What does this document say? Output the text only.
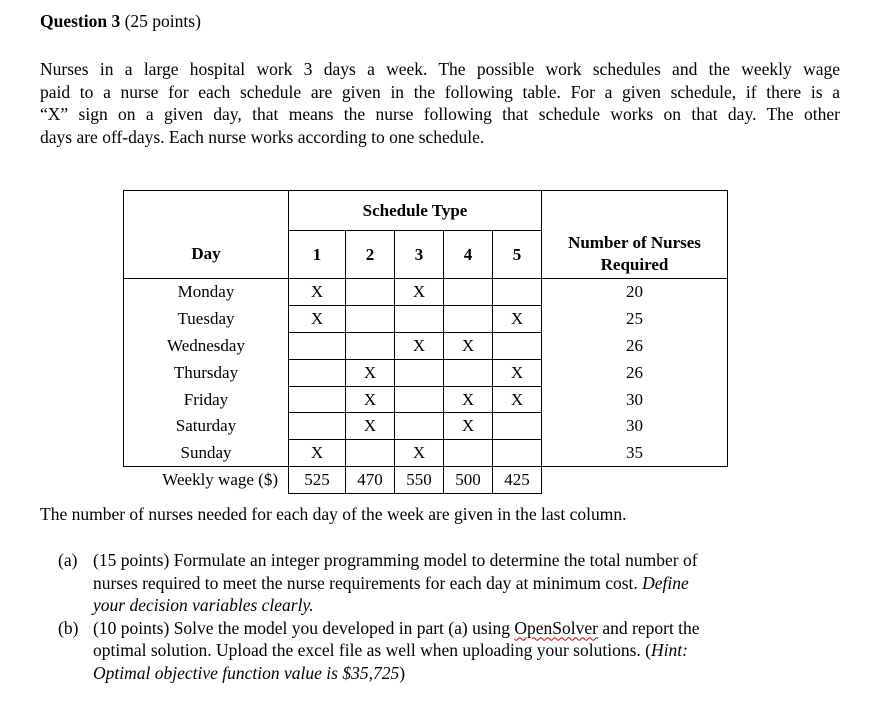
Question 3 (25 points)
Nurses in a large hospital work 3 days a week. The possible work schedules and the weekly wage
paid to a nurse for each schedule are given in the following table. For a given schedule, if there is a
“X” sign on a given day, that means the nurse following that schedule works on that day. The other
days are off-days. Each nurse works according to one schedule.
	Schedule Type					
Day	1	2	3	4	5	Number of Nurses
Required
Monday	X		X			20
Tuesday	X				X	25
Wednesday			X	X		26
Thursday		X			X	26
Friday		X		X	X	30
Saturday		X		X		30
Sunday	X		X			35
Weekly wage ($)	525	470	550	500	425	
The number of nurses needed for each day of the week are given in the last column.
(a) (15 points) Formulate an integer programming model to determine the total number of
nurses required to meet the nurse requirements for each day at minimum cost. Define
your decision variables clearly.
(b) (10 points) Solve the model you developed in part (a) using OpenSolver and report the
optimal solution. Upload the excel file as well when uploading your solutions. (Hint:
Optimal objective function value is $35,725)
